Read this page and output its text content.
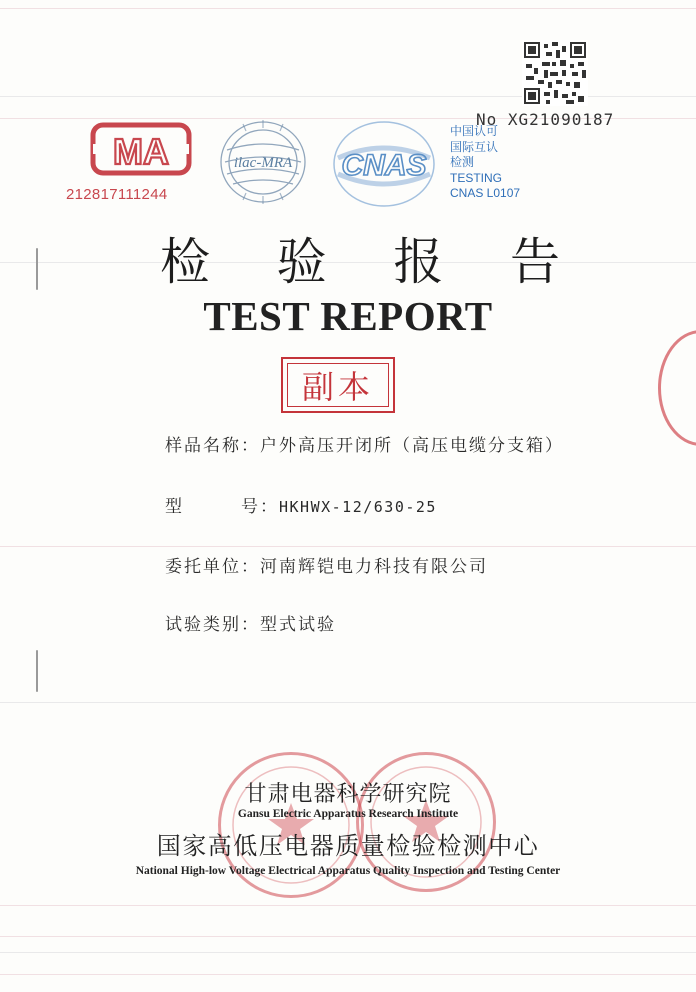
No XG21090187
MA
212817111244
ilac-MRA CNAS
中国认可
国际互认
检测
TESTING
CNAS L0107
检 验 报 告
TEST REPORT
副本
样品名称：户外高压开闭所（高压电缆分支箱）
型　　　号：HKHWX-12/630-25
委托单位：河南辉铠电力科技有限公司
试验类别：型式试验
甘肃电器科学研究院
Gansu Electric Apparatus Research Institute
国家高低压电器质量检验检测中心
National High-low Voltage Electrical Apparatus Quality Inspection and Testing Center
